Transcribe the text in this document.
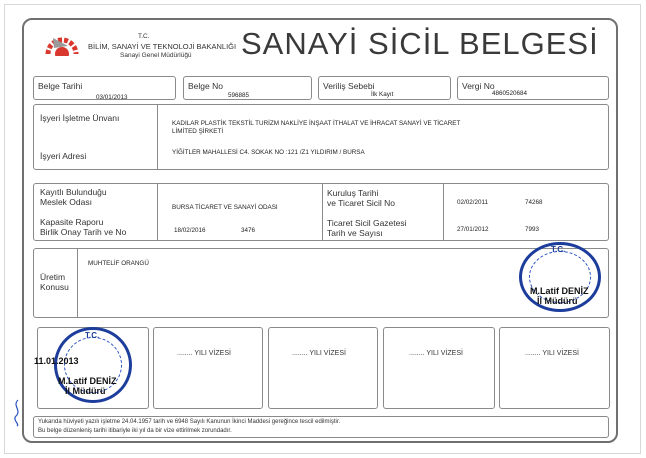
T.C.
BİLİM, SANAYİ VE TEKNOLOJİ BAKANLIĞI
Sanayi Genel Müdürlüğü SANAYİ SİCİL BELGESİ
Belge Tarihi
03/01/2013
Belge No
596885
Veriliş Sebebi
İlk Kayıt
Vergi No
4860520684
İşyeri İşletme Ünvanı
KADILAR PLASTİK TEKSTİL TURİZM NAKLİYE İNŞAAT İTHALAT VE İHRACAT SANAYİ VE TİCARET
LİMİTED ŞİRKETİ
İşyeri Adresi	YİĞİTLER MAHALLESİ C4. SOKAK NO :121 /Z1 YILDIRIM / BURSA
Kayıtlı Bulunduğu
Meslek Odası
BURSA TİCARET VE SANAYİ ODASI
Kuruluş Tarihi
ve Ticaret Sicil No	02/02/2011	74268
Kapasite Raporu
Birlik Onay Tarih ve No	18/02/2016	3476
Ticaret Sicil Gazetesi
Tarih ve Sayısı	27/01/2012	7993
Üretim
Konusu
MUHTELİF ORANGÜ
T.C.
M.Latif DENİZ
İl Müdürü
........ YILI VİZESİ	........ YILI VİZESİ	........ YILI VİZESİ	........ YILI VİZESİ
T.C.
11.01.2013
M.Latif DENİZ
İl Müdürü
Yukarıda hüviyeti yazılı işletme 24.04.1957 tarih ve 6948 Sayılı Kanunun İkinci Maddesi gereğince tescil edilmiştir.
Bu belge düzenleniş tarihi itibariyle iki yıl da bir vize ettirilmek zorundadır.
